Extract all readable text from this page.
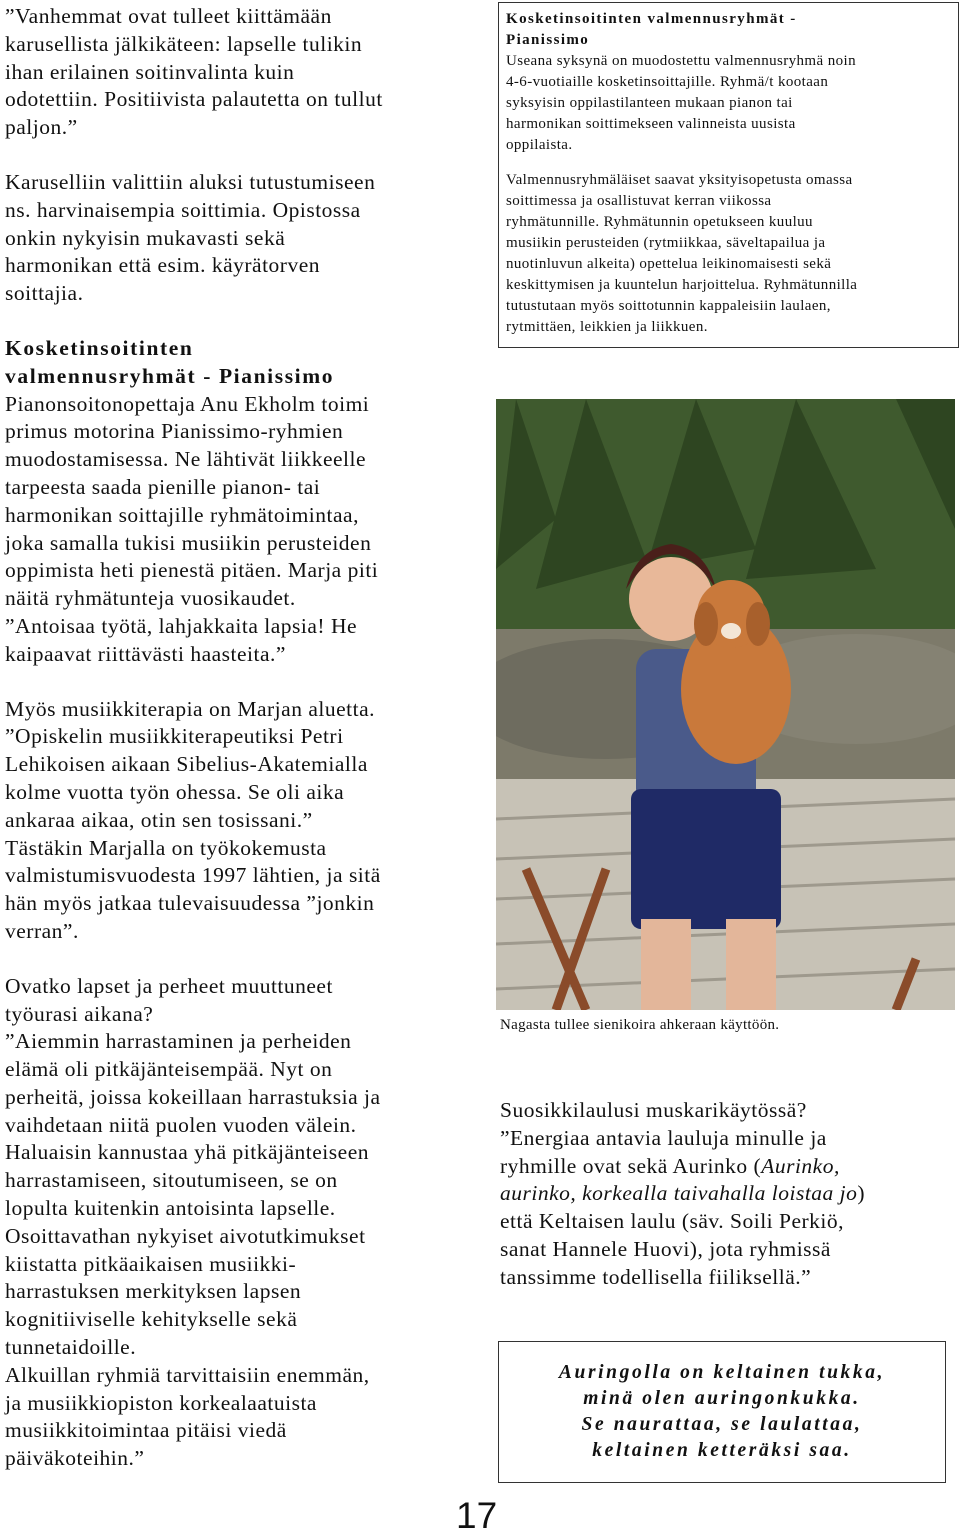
”Vanhemmat ovat tulleet kiittämään
karusellista jälkikäteen: lapselle tulikin
ihan erilainen soitinvalinta kuin
odotettiin. Positiivista palautetta on tullut
paljon.”

Karuselliin valittiin aluksi tutustumiseen
ns. harvinaisempia soittimia. Opistossa
onkin nykyisin mukavasti sekä
harmonikan että esim. käyrätorven
soittajia.

Kosketinsoitinten
valmennusryhmät - Pianissimo
Pianonsoitonopettaja Anu Ekholm toimi
primus motorina Pianissimo-ryhmien
muodostamisessa. Ne lähtivät liikkeelle
tarpeesta saada pienille pianon- tai
harmonikan soittajille ryhmätoimintaa,
joka samalla tukisi musiikin perusteiden
oppimista heti pienestä pitäen. Marja piti
näitä ryhmätunteja vuosikaudet.
”Antoisaa työtä, lahjakkaita lapsia! He
kaipaavat riittävästi haasteita.”

Myös musiikkiterapia on Marjan aluetta.
”Opiskelin musiikkiterapeutiksi Petri
Lehikoisen aikaan Sibelius-Akatemialla
kolme vuotta työn ohessa. Se oli aika
ankaraa aikaa, otin sen tosissani.”
Tästäkin Marjalla on työkokemusta
valmistumisvuodesta 1997 lähtien, ja sitä
hän myös jatkaa tulevaisuudessa ”jonkin
verran”.

Ovatko lapset ja perheet muuttuneet
työurasi aikana?
”Aiemmin harrastaminen ja perheiden
elämä oli pitkäjänteisempää. Nyt on
perheitä, joissa kokeillaan harrastuksia ja
vaihdetaan niitä puolen vuoden välein.
Haluaisin kannustaa yhä pitkäjänteiseen
harrastamiseen, sitoutumiseen, se on
lopulta kuitenkin antoisinta lapselle.
Osoittavathan nykyiset aivotutkimukset
kiistatta pitkäaikaisen musiikki-
harrastuksen merkityksen lapsen
kognitiiviselle kehitykselle sekä
tunnetaidoille.
Alkuillan ryhmiä tarvittaisiin enemmän,
ja musiikkiopiston korkealaatuista
musiikkitoimintaa pitäisi viedä
päiväkoteihin.”

Kosketinsoitinten valmennusryhmät -
Pianissimo
Useana syksynä on muodostettu valmennusryhmä noin
4-6-vuotiaille kosketinsoittajille. Ryhmä/t kootaan
syksyisin oppilastilanteen mukaan pianon tai
harmonikan soittimekseen valinneista uusista
oppilaista.

Valmennusryhmäläiset saavat yksityisopetusta omassa
soittimessa ja osallistuvat kerran viikossa
ryhmätunnille. Ryhmätunnin opetukseen kuuluu
musiikin perusteiden (rytmiikkaa, säveltapailua ja
nuotinluvun alkeita) opettelua leikinomaisesti sekä
keskittymisen ja kuuntelun harjoittelua. Ryhmätunnilla
tutustutaan myös soittotunnin kappaleisiin laulaen,
rytmittäen, leikkien ja liikkuen.

Nagasta tullee sienikoira ahkeraan käyttöön.
Suosikkilaulusi muskarikäytössä?
”Energiaa antavia lauluja minulle ja
ryhmille ovat sekä Aurinko (Aurinko,
aurinko, korkealla taivahalla loistaa jo)
että Keltaisen laulu (säv. Soili Perkiö,
sanat Hannele Huovi), jota ryhmissä
tanssimme todellisella fiiliksellä.”
Auringolla on keltainen tukka,
minä olen auringonkukka.
Se naurattaa, se laulattaa,
keltainen ketteräksi saa.
17
